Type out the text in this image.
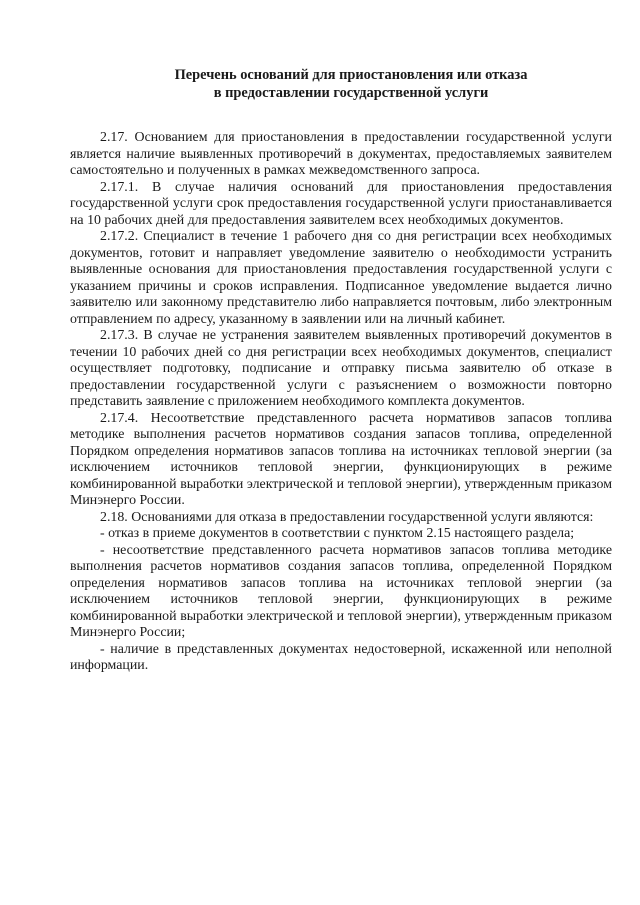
Перечень оснований для приостановления или отказа
в предоставлении государственной услуги

2.17. Основанием для приостановления в предоставлении государственной услуги является наличие выявленных противоречий в документах, предоставляемых заявителем самостоятельно и полученных в рамках межведомственного запроса.

2.17.1. В случае наличия оснований для приостановления предоставления государственной услуги срок предоставления государственной услуги приостанавливается на 10 рабочих дней для предоставления заявителем всех необходимых документов.

2.17.2. Специалист в течение 1 рабочего дня со дня регистрации всех необходимых документов, готовит и направляет уведомление заявителю о необходимости устранить выявленные основания для приостановления предоставления государственной услуги с указанием причины и сроков исправления. Подписанное уведомление выдается лично заявителю или законному представителю либо направляется почтовым, либо электронным отправлением по адресу, указанному в заявлении или на личный кабинет.

2.17.3. В случае не устранения заявителем выявленных противоречий документов в течении 10 рабочих дней со дня регистрации всех необходимых документов, специалист осуществляет подготовку, подписание и отправку письма заявителю об отказе в предоставлении государственной услуги с разъяснением о возможности повторно представить заявление с приложением необходимого комплекта документов.

2.17.4. Несоответствие представленного расчета нормативов запасов топлива методике выполнения расчетов нормативов создания запасов топлива, определенной Порядком определения нормативов запасов топлива на источниках тепловой энергии (за исключением источников тепловой энергии, функционирующих в режиме комбинированной выработки электрической и тепловой энергии), утвержденным приказом Минэнерго России.

2.18. Основаниями для отказа в предоставлении государственной услуги являются:

- отказ в приеме документов в соответствии с пунктом 2.15 настоящего раздела;

- несоответствие представленного расчета нормативов запасов топлива методике выполнения расчетов нормативов создания запасов топлива, определенной Порядком определения нормативов запасов топлива на источниках тепловой энергии (за исключением источников тепловой энергии, функционирующих в режиме комбинированной выработки электрической и тепловой энергии), утвержденным приказом Минэнерго России;

- наличие в представленных документах недостоверной, искаженной или неполной информации.
